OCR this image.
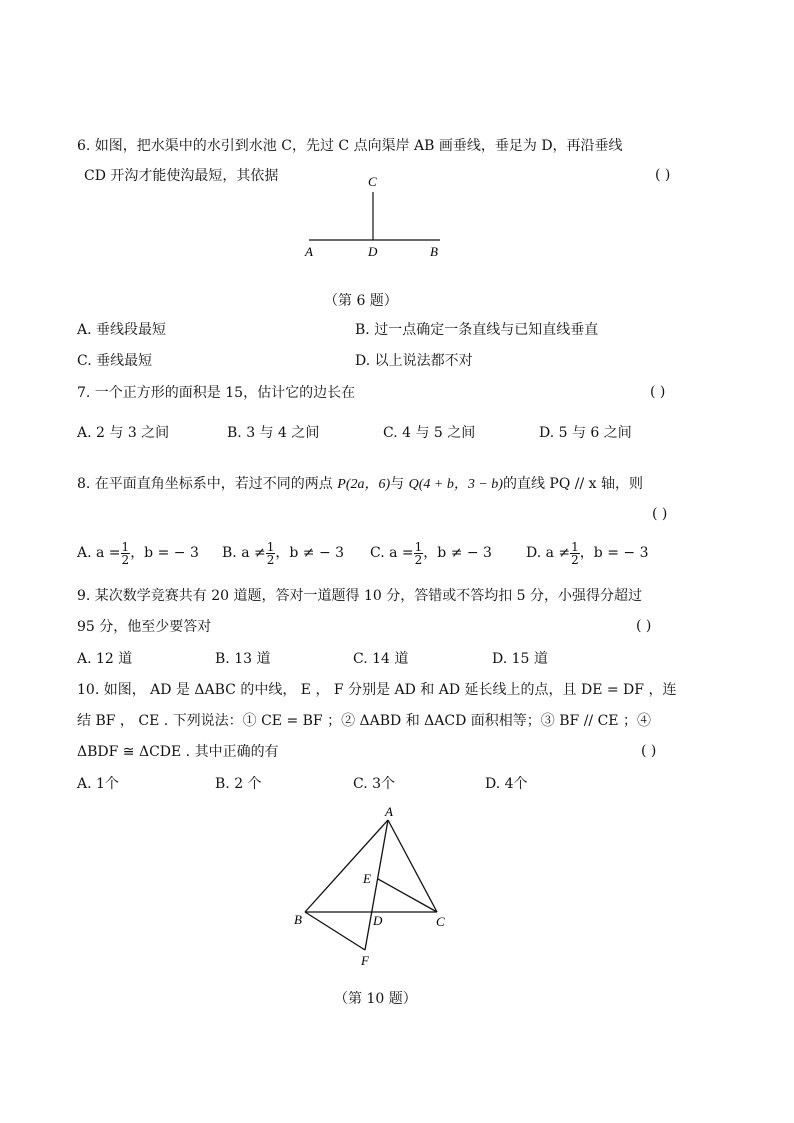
6. 如图，把水渠中的水引到水池 C，先过 C 点向渠岸 AB 画垂线，垂足为 D，再沿垂线
CD 开沟才能使沟最短，其依据	( )
C
A	D	B
（第 6 题）
A. 垂线段最短	B. 过一点确定一条直线与已知直线垂直
C. 垂线最短	D. 以上说法都不对
7. 一个正方形的面积是 15，估计它的边长在	( )
A. 2 与 3 之间	B. 3 与 4 之间	C. 4 与 5 之间	D. 5 与 6 之间
8. 在平面直角坐标系中，若过不同的两点 P(2a，6)与 Q(4 + b，3 − b)的直线 PQ // x 轴，则
( )
A. $a = \frac{1}{2}$ ，b = − 3 B. $a \ne \frac{1}{2}$ ，b ≠ − 3 C. $a = \frac{1}{2}$ ，b ≠ − 3 D. $a \ne \frac{1}{2}$ ，b = − 3
9. 某次数学竞赛共有 20 道题，答对一道题得 10 分，答错或不答均扣 5 分，小强得分超过
95 分，他至少要答对	( )
A. 12 道	B. 13 道	C. 14 道	D. 15 道
10. 如图， AD 是 ΔABC 的中线， E ， F 分别是 AD 和 AD 延长线上的点，且 DE = DF ，连
结 BF ， CE . 下列说法：① CE = BF ；② ΔABD 和 ΔACD 面积相等；③ BF // CE ；④
ΔBDF ≅ ΔCDE . 其中正确的有	( )
A. 1个	B. 2 个	C. 3个	D. 4个
A
E
B	D	C
F
（第 10 题）
